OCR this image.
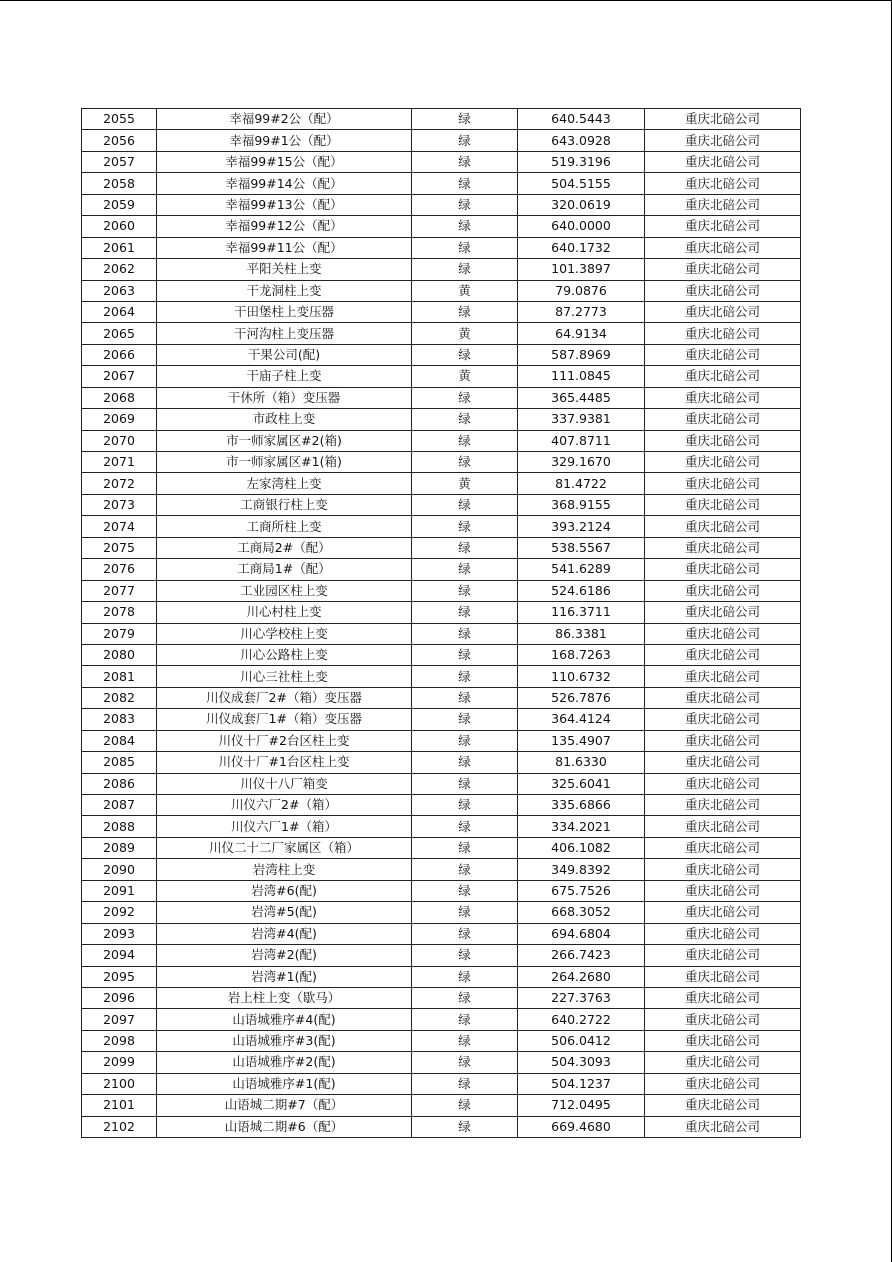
2055	幸福99#2公（配）	绿	640.5443	重庆北碚公司
2056	幸福99#1公（配）	绿	643.0928	重庆北碚公司
2057	幸福99#15公（配）	绿	519.3196	重庆北碚公司
2058	幸福99#14公（配）	绿	504.5155	重庆北碚公司
2059	幸福99#13公（配）	绿	320.0619	重庆北碚公司
2060	幸福99#12公（配）	绿	640.0000	重庆北碚公司
2061	幸福99#11公（配）	绿	640.1732	重庆北碚公司
2062	平阳关柱上变	绿	101.3897	重庆北碚公司
2063	干龙洞柱上变	黄	79.0876	重庆北碚公司
2064	干田堡柱上变压器	绿	87.2773	重庆北碚公司
2065	干河沟柱上变压器	黄	64.9134	重庆北碚公司
2066	干果公司(配)	绿	587.8969	重庆北碚公司
2067	干庙子柱上变	黄	111.0845	重庆北碚公司
2068	干休所（箱）变压器	绿	365.4485	重庆北碚公司
2069	市政柱上变	绿	337.9381	重庆北碚公司
2070	市一师家属区#2(箱)	绿	407.8711	重庆北碚公司
2071	市一师家属区#1(箱)	绿	329.1670	重庆北碚公司
2072	左家湾柱上变	黄	81.4722	重庆北碚公司
2073	工商银行柱上变	绿	368.9155	重庆北碚公司
2074	工商所柱上变	绿	393.2124	重庆北碚公司
2075	工商局2#（配）	绿	538.5567	重庆北碚公司
2076	工商局1#（配）	绿	541.6289	重庆北碚公司
2077	工业园区柱上变	绿	524.6186	重庆北碚公司
2078	川心村柱上变	绿	116.3711	重庆北碚公司
2079	川心学校柱上变	绿	86.3381	重庆北碚公司
2080	川心公路柱上变	绿	168.7263	重庆北碚公司
2081	川心三社柱上变	绿	110.6732	重庆北碚公司
2082	川仪成套厂2#（箱）变压器	绿	526.7876	重庆北碚公司
2083	川仪成套厂1#（箱）变压器	绿	364.4124	重庆北碚公司
2084	川仪十厂#2台区柱上变	绿	135.4907	重庆北碚公司
2085	川仪十厂#1台区柱上变	绿	81.6330	重庆北碚公司
2086	川仪十八厂箱变	绿	325.6041	重庆北碚公司
2087	川仪六厂2#（箱）	绿	335.6866	重庆北碚公司
2088	川仪六厂1#（箱）	绿	334.2021	重庆北碚公司
2089	川仪二十二厂家属区（箱）	绿	406.1082	重庆北碚公司
2090	岩湾柱上变	绿	349.8392	重庆北碚公司
2091	岩湾#6(配)	绿	675.7526	重庆北碚公司
2092	岩湾#5(配)	绿	668.3052	重庆北碚公司
2093	岩湾#4(配)	绿	694.6804	重庆北碚公司
2094	岩湾#2(配)	绿	266.7423	重庆北碚公司
2095	岩湾#1(配)	绿	264.2680	重庆北碚公司
2096	岩上柱上变（歇马）	绿	227.3763	重庆北碚公司
2097	山语城雅序#4(配)	绿	640.2722	重庆北碚公司
2098	山语城雅序#3(配)	绿	506.0412	重庆北碚公司
2099	山语城雅序#2(配)	绿	504.3093	重庆北碚公司
2100	山语城雅序#1(配)	绿	504.1237	重庆北碚公司
2101	山语城二期#7（配）	绿	712.0495	重庆北碚公司
2102	山语城二期#6（配）	绿	669.4680	重庆北碚公司
